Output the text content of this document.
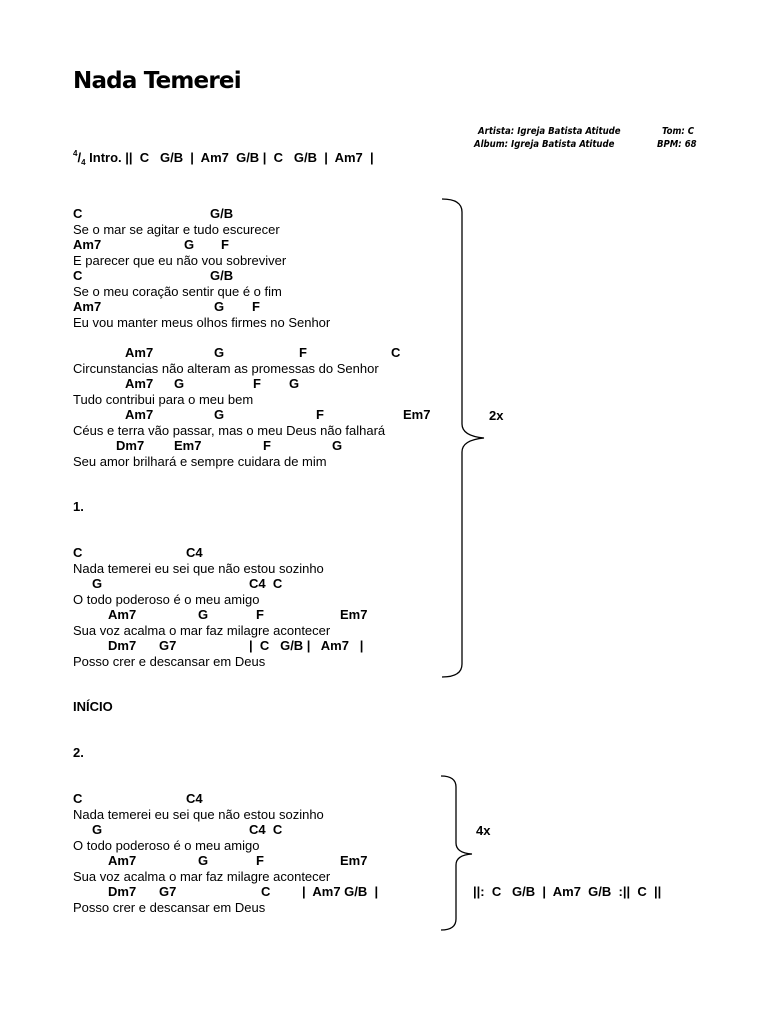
Nada Temerei
Artista: Igreja Batista Atitude
Album: Igreja Batista Atitude
Tom: C
BPM: 68
$^4/_4$ Intro. ||  C   G/B  |  Am7  G/B |  C   G/B  |  Am7  |

C

	G/B

Se o mar se agitar e tudo escurecer

Am7

	G

F

E parecer que eu não vou sobreviver

C

	G/B

Se o meu coração sentir que é o fim

Am7

	G

F

Eu vou manter meus olhos firmes no Senhor

Am7

	G

	F

	C

Circunstancias não alteram as promessas do Senhor

Am7

G

	F

G

Tudo contribui para o meu bem

Am7

	G

	F

	Em7

Céus e terra vão passar, mas o meu Deus não falhará

Dm7

Em7

	F

	G

Seu amor brilhará e sempre cuidara de mim
1.

C

	C4

Nada temerei eu sei que não estou sozinho

G

	C4  C

O todo poderoso é o meu amigo

Am7

	G

	F

	Em7

Sua voz acalma o mar faz milagre acontecer

Dm7

G7

	|  C   G/B |   Am7   |

Posso crer e descansar em Deus
INÍCIO
2.

C

	C4

Nada temerei eu sei que não estou sozinho

G

	C4  C

O todo poderoso é o meu amigo

Am7

	G

	F

	Em7

Sua voz acalma o mar faz milagre acontecer

Dm7

G7

	C

|  Am7 G/B  |

Posso crer e descansar em Deus
2x
4x
||:  C   G/B  |  Am7  G/B  :||  C  ||
